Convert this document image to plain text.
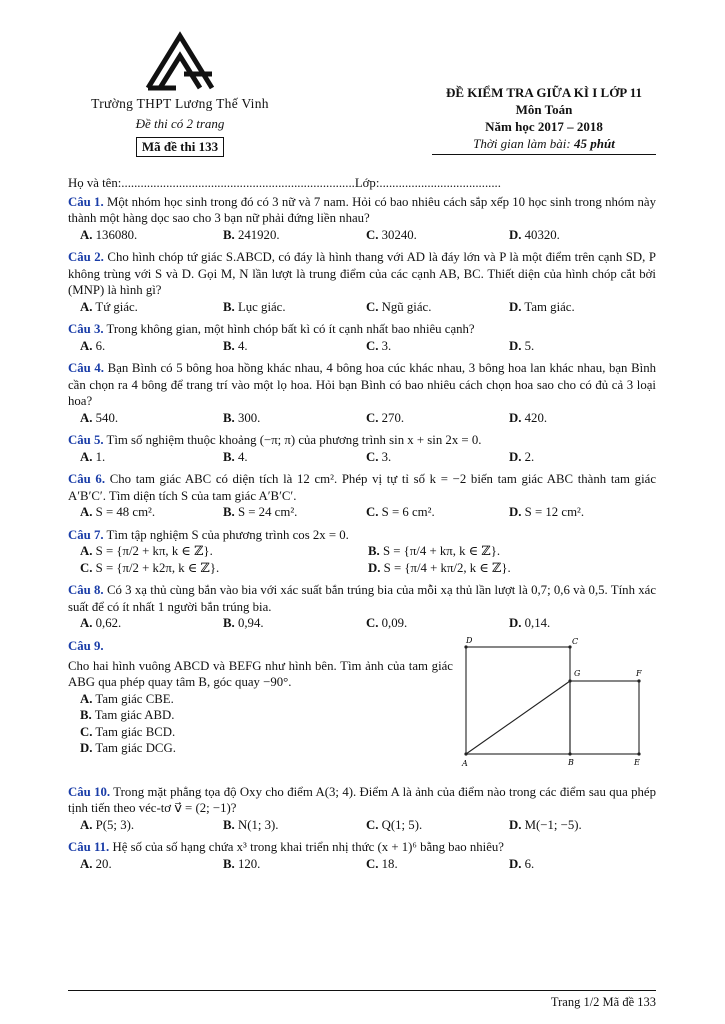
Trường THPT Lương Thế Vinh
Đề thi có 2 trang
Mã đề thi 133
ĐỀ KIỂM TRA GIỮA KÌ I LỚP 11
Môn Toán
Năm học 2017 – 2018
Thời gian làm bài: 45 phút
Họ và tên:.........................................................................Lớp:......................................
Câu 1. Một nhóm học sinh trong đó có 3 nữ và 7 nam. Hỏi có bao nhiêu cách sắp xếp 10 học sinh trong nhóm này thành một hàng dọc sao cho 3 bạn nữ phải đứng liền nhau?
A. 136080.	B. 241920.	C. 30240.	D. 40320.
Câu 2. Cho hình chóp tứ giác S.ABCD, có đáy là hình thang với AD là đáy lớn và P là một điểm trên cạnh SD, P không trùng với S và D. Gọi M, N lần lượt là trung điểm của các cạnh AB, BC. Thiết diện của hình chóp cắt bởi (MNP) là hình gì?
A. Tứ giác.	B. Lục giác.	C. Ngũ giác.	D. Tam giác.
Câu 3. Trong không gian, một hình chóp bất kì có ít cạnh nhất bao nhiêu cạnh?
A. 6.	B. 4.	C. 3.	D. 5.
Câu 4. Bạn Bình có 5 bông hoa hồng khác nhau, 4 bông hoa cúc khác nhau, 3 bông hoa lan khác nhau, bạn Bình cần chọn ra 4 bông để trang trí vào một lọ hoa. Hỏi bạn Bình có bao nhiêu cách chọn hoa sao cho có đủ cả 3 loại hoa?
A. 540.	B. 300.	C. 270.	D. 420.
Câu 5. Tìm số nghiệm thuộc khoảng (−π; π) của phương trình sin x + sin 2x = 0.
A. 1.	B. 4.	C. 3.	D. 2.
Câu 6. Cho tam giác ABC có diện tích là 12 cm². Phép vị tự tỉ số k = −2 biến tam giác ABC thành tam giác A′B′C′. Tìm diện tích S của tam giác A′B′C′.
A. S = 48 cm².	B. S = 24 cm².	C. S = 6 cm².	D. S = 12 cm².
Câu 7. Tìm tập nghiệm S của phương trình cos 2x = 0.
A. S = {π/2 + kπ, k ∈ ℤ}.	B. S = {π/4 + kπ, k ∈ ℤ}.
C. S = {π/2 + k2π, k ∈ ℤ}.	D. S = {π/4 + kπ/2, k ∈ ℤ}.
Câu 8. Có 3 xạ thủ cùng bắn vào bia với xác suất bắn trúng bia của mỗi xạ thủ lần lượt là 0,7; 0,6 và 0,5. Tính xác suất để có ít nhất 1 người bắn trúng bia.
A. 0,62.	B. 0,94.	C. 0,09.	D. 0,14.
Câu 9.
Cho hai hình vuông ABCD và BEFG như hình bên. Tìm ảnh của tam giác ABG qua phép quay tâm B, góc quay −90°.
A. Tam giác CBE.
B. Tam giác ABD.
C. Tam giác BCD.
D. Tam giác DCG.
A	B
C
D
E
F
G
Câu 10. Trong mặt phẳng tọa độ Oxy cho điểm A(3; 4). Điểm A là ảnh của điểm nào trong các điểm sau qua phép tịnh tiến theo véc-tơ v⃗ = (2; −1)?
A. P(5; 3).	B. N(1; 3).	C. Q(1; 5).	D. M(−1; −5).
Câu 11. Hệ số của số hạng chứa x³ trong khai triển nhị thức (x + 1)⁶ bằng bao nhiêu?
A. 20.	B. 120.	C. 18.	D. 6.
Trang 1/2 Mã đề 133
